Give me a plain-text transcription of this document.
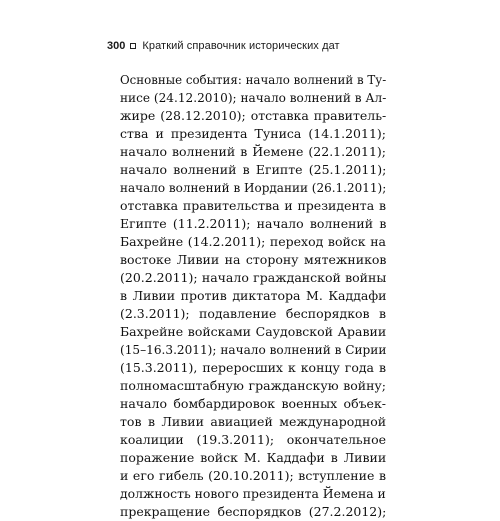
300 Краткий справочник исторических дат
Основные события: начало волнений в Ту-
нисе (24.12.2010); начало волнений в Ал-
жире (28.12.2010); отставка правитель-
ства и президента Туниса (14.1.2011);
начало волнений в Йемене (22.1.2011);
начало волнений в Египте (25.1.2011);
начало волнений в Иордании (26.1.2011);
отставка правительства и президента в
Египте (11.2.2011); начало волнений в
Бахрейне (14.2.2011); переход войск на
востоке Ливии на сторону мятежников
(20.2.2011); начало гражданской войны
в Ливии против диктатора М. Каддафи
(2.3.2011); подавление беспорядков в
Бахрейне войсками Саудовской Аравии
(15–16.3.2011); начало волнений в Сирии
(15.3.2011), переросших к концу года в
полномасштабную гражданскую войну;
начало бомбардировок военных объек-
тов в Ливии авиацией международной
коалиции (19.3.2011); окончательное
поражение войск М. Каддафи в Ливии
и его гибель (20.10.2011); вступление в
должность нового президента Йемена и
прекращение беспорядков (27.2.2012);
